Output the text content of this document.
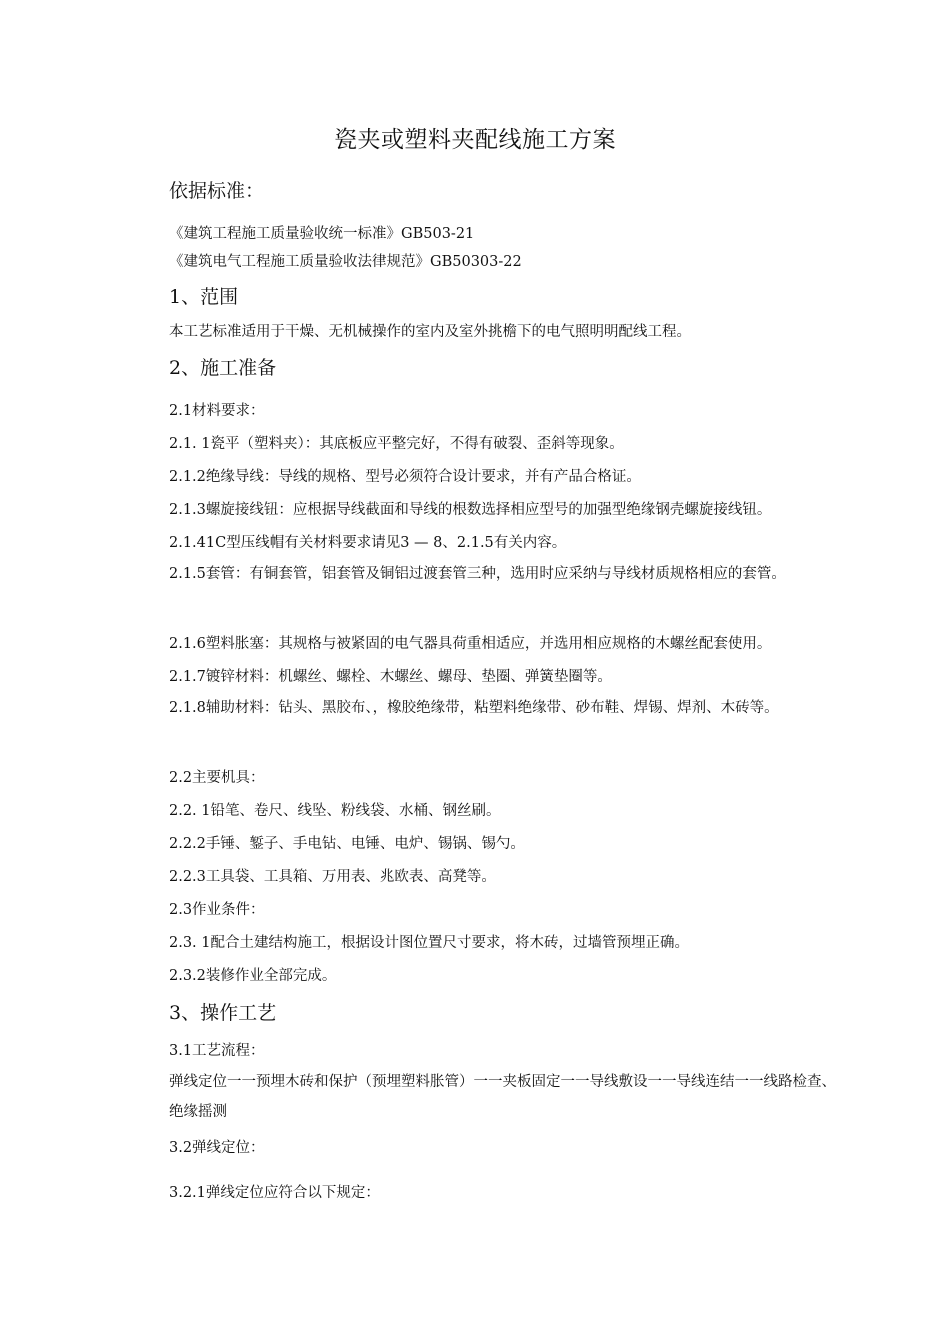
瓷夹或塑料夹配线施工方案
依据标准：
《建筑工程施工质量验收统一标准》GB503-21
《建筑电气工程施工质量验收法律规范》GB50303-22
1、范围
本工艺标准适用于干燥、无机械操作的室内及室外挑檐下的电气照明明配线工程。
2、施工准备
2.1材料要求：
2.1. 1瓷平（塑料夹）：其底板应平整完好，不得有破裂、歪斜等现象。
2.1.2绝缘导线：导线的规格、型号必须符合设计要求，并有产品合格证。
2.1.3螺旋接线钮：应根据导线截面和导线的根数选择相应型号的加强型绝缘钢壳螺旋接线钮。
2.1.41C型压线帽有关材料要求请见3 — 8、2.1.5有关内容。
2.1.5套管：有铜套管，铝套管及铜铝过渡套管三种，选用时应采纳与导线材质规格相应的套管。
2.1.6塑料胀塞：其规格与被紧固的电气器具荷重相适应，并选用相应规格的木螺丝配套使用。
2.1.7镀锌材料：机螺丝、螺栓、木螺丝、螺母、垫圈、弹簧垫圈等。
2.1.8辅助材料：钻头、黑胶布、，橡胶绝缘带，粘塑料绝缘带、砂布鞋、焊锡、焊剂、木砖等。
2.2主要机具：
2.2. 1铅笔、卷尺、线坠、粉线袋、水桶、钢丝刷。
2.2.2手锤、錾子、手电钻、电锤、电炉、锡锅、锡勺。
2.2.3工具袋、工具箱、万用表、兆欧表、高凳等。
2.3作业条件：
2.3. 1配合土建结构施工，根据设计图位置尺寸要求，将木砖，过墙管预埋正确。
2.3.2装修作业全部完成。
3、操作工艺
3.1工艺流程：
弹线定位一一预埋木砖和保护（预埋塑料胀管）一一夹板固定一一导线敷设一一导线连结一一线路检查、绝缘摇测
3.2弹线定位：
3.2.1弹线定位应符合以下规定：
